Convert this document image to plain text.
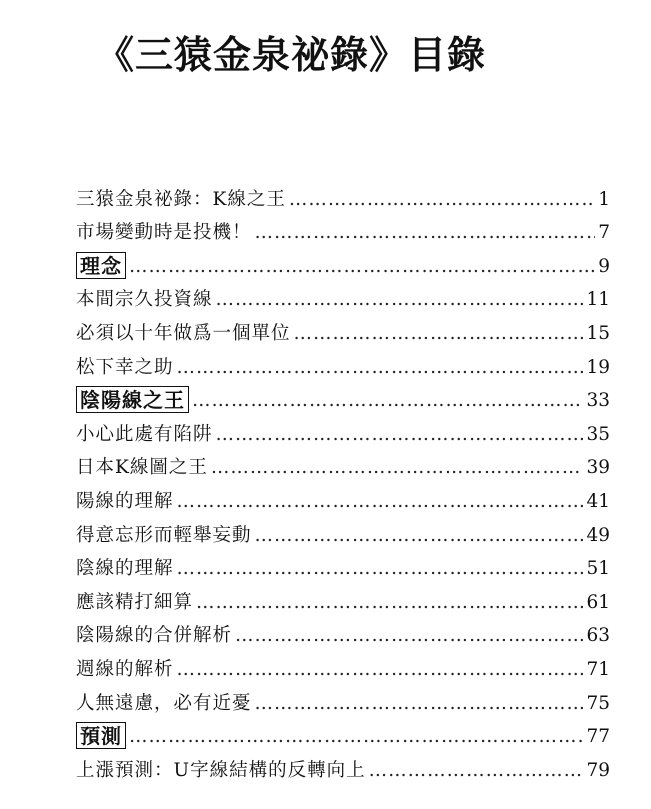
《三猿金泉祕錄》目錄
三猿金泉祕錄：K線之王 ……………………………………………………………………………………………………………………	1
市場變動時是投機！ ……………………………………………………………………………………………………………………	7
理念 ……………………………………………………………………………………………………………………	9
本間宗久投資線 ……………………………………………………………………………………………………………………	11
必須以十年做爲一個單位 ……………………………………………………………………………………………………………………	15
松下幸之助 ……………………………………………………………………………………………………………………	19
陰陽線之王 ……………………………………………………………………………………………………………………	33
小心此處有陷阱 ……………………………………………………………………………………………………………………	35
日本K線圖之王 ……………………………………………………………………………………………………………………	39
陽線的理解 ……………………………………………………………………………………………………………………	41
得意忘形而輕舉妄動 ……………………………………………………………………………………………………………………	49
陰線的理解 ……………………………………………………………………………………………………………………	51
應該精打細算 ……………………………………………………………………………………………………………………	61
陰陽線的合併解析 ……………………………………………………………………………………………………………………	63
週線的解析 ……………………………………………………………………………………………………………………	71
人無遠慮，必有近憂 ……………………………………………………………………………………………………………………	75
預測 ……………………………………………………………………………………………………………………	77
上漲預測：U字線結構的反轉向上 ……………………………………………………………………………………………………………………	79
